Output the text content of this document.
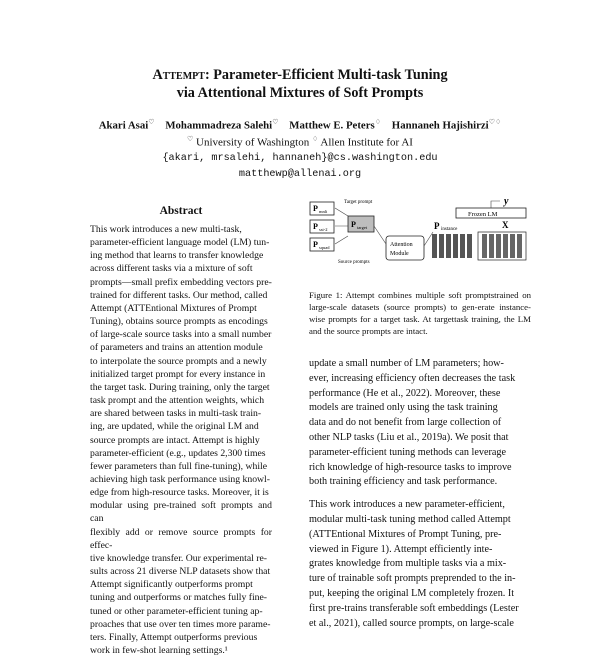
Attempt: Parameter-Efficient Multi-task Tuning
via Attentional Mixtures of Soft Prompts
Akari Asai♡ Mohammadreza Salehi♡ Matthew E. Peters♢ Hannaneh Hajishirzi♡♢
♡ University of Washington ♢ Allen Institute for AI
{akari, mrsalehi, hannaneh}@cs.washington.edu
matthewp@allenai.org
Abstract
This work introduces a new multi-task,
parameter-efficient language model (LM) tun-
ing method that learns to transfer knowledge
across different tasks via a mixture of soft
prompts—small prefix embedding vectors pre-
trained for different tasks. Our method, called
Attempt (ATTEntional Mixtures of Prompt
Tuning), obtains source prompts as encodings
of large-scale source tasks into a small number
of parameters and trains an attention module
to interpolate the source prompts and a newly
initialized target prompt for every instance in
the target task. During training, only the target
task prompt and the attention weights, which
are shared between tasks in multi-task train-
ing, are updated, while the original LM and
source prompts are intact. Attempt is highly
parameter-efficient (e.g., updates 2,300 times
fewer parameters than full fine-tuning), while
achieving high task performance using knowl-
edge from high-resource tasks. Moreover, it is
modular using pre-trained soft prompts and can
flexibly add or remove source prompts for effec-
tive knowledge transfer. Our experimental re-
sults across 21 diverse NLP datasets show that
Attempt significantly outperforms prompt
tuning and outperforms or matches fully fine-
tuned or other parameter-efficient tuning ap-
proaches that use over ten times more parame-
ters. Finally, Attempt outperforms previous
work in few-shot learning settings.¹
P mnli
P sst-2
P squad
Source prompts
Target prompt
P target
Attention
Module
Frozen LM
y
P instance	X
Figure 1: Attempt combines multiple soft promptstrained on large-scale datasets (source prompts) to gen-erate instance-wise prompts for a target task. At targettask training, the LM and the source prompts are intact.
update a small number of LM parameters; how-
ever, increasing efficiency often decreases the task
performance (He et al., 2022). Moreover, these
models are trained only using the task training
data and do not benefit from large collection of
other NLP tasks (Liu et al., 2019a). We posit that
parameter-efficient tuning methods can leverage
rich knowledge of high-resource tasks to improve
both training efficiency and task performance.
This work introduces a new parameter-efficient,
modular multi-task tuning method called Attempt
(ATTEntional Mixtures of Prompt Tuning, pre-
viewed in Figure 1). Attempt efficiently inte-
grates knowledge from multiple tasks via a mix-
ture of trainable soft prompts preprended to the in-
put, keeping the original LM completely frozen. It
first pre-trains transferable soft embeddings (Lester
et al., 2021), called source prompts, on large-scale
